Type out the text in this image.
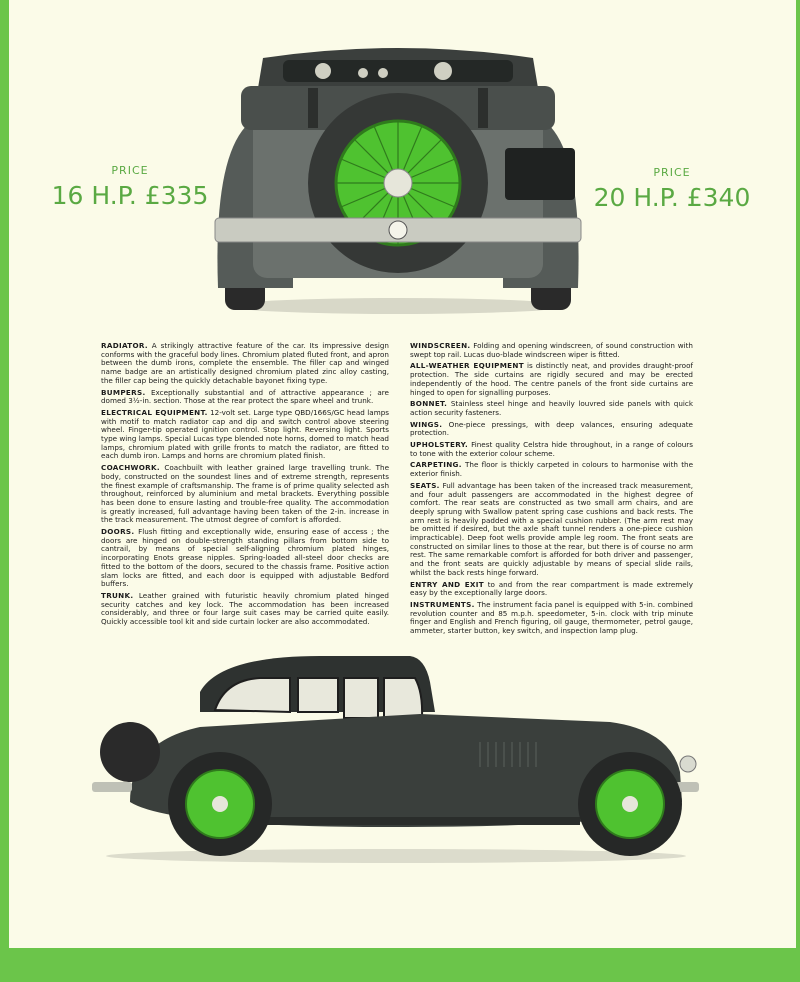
PRICE
16 H.P. £335
PRICE
20 H.P. £340

RADIATOR. A strikingly attractive feature of the car. Its impressive design conforms with the graceful body lines. Chromium plated fluted front, and apron between the dumb irons, complete the ensemble. The filler cap and winged name badge are an artistically designed chromium plated zinc alloy casting, the filler cap being the quickly detachable bayonet fixing type.

BUMPERS. Exceptionally substantial and of attractive appearance ; are domed 3½-in. section. Those at the rear protect the spare wheel and trunk.

ELECTRICAL EQUIPMENT. 12-volt set. Large type QBD/166S/GC head lamps with motif to match radiator cap and dip and switch control above steering wheel. Finger-tip operated ignition control. Stop light. Reversing light. Sports type wing lamps. Special Lucas type blended note horns, domed to match head lamps, chromium plated with grille fronts to match the radiator, are fitted to each dumb iron. Lamps and horns are chromium plated finish.

COACHWORK. Coachbuilt with leather grained large travelling trunk. The body, constructed on the soundest lines and of extreme strength, represents the finest example of craftsmanship. The frame is of prime quality selected ash throughout, reinforced by aluminium and metal brackets. Everything possible has been done to ensure lasting and trouble-free quality. The accommodation is greatly increased, full advantage having been taken of the 2-in. increase in the track measurement. The utmost degree of comfort is afforded.

DOORS. Flush fitting and exceptionally wide, ensuring ease of access ; the doors are hinged on double-strength standing pillars from bottom side to cantrail, by means of special self-aligning chromium plated hinges, incorporating Enots grease nipples. Spring-loaded all-steel door checks are fitted to the bottom of the doors, secured to the chassis frame. Positive action slam locks are fitted, and each door is equipped with adjustable Bedford buffers.

TRUNK. Leather grained with futuristic heavily chromium plated hinged security catches and key lock. The accommodation has been increased considerably, and three or four large suit cases may be carried quite easily. Quickly accessible tool kit and side curtain locker are also accommodated.

WINDSCREEN. Folding and opening windscreen, of sound construction with swept top rail. Lucas duo-blade windscreen wiper is fitted.

ALL-WEATHER EQUIPMENT is distinctly neat, and provides draught-proof protection. The side curtains are rigidly secured and may be erected independently of the hood. The centre panels of the front side curtains are hinged to open for signalling purposes.

BONNET. Stainless steel hinge and heavily louvred side panels with quick action security fasteners.

WINGS. One-piece pressings, with deep valances, ensuring adequate protection.

UPHOLSTERY. Finest quality Celstra hide throughout, in a range of colours to tone with the exterior colour scheme.

CARPETING. The floor is thickly carpeted in colours to harmonise with the exterior finish.

SEATS. Full advantage has been taken of the increased track measurement, and four adult passengers are accommodated in the highest degree of comfort. The rear seats are constructed as two small arm chairs, and are deeply sprung with Swallow patent spring case cushions and back rests. The arm rest is heavily padded with a special cushion rubber. (The arm rest may be omitted if desired, but the axle shaft tunnel renders a one-piece cushion impracticable). Deep foot wells provide ample leg room. The front seats are constructed on similar lines to those at the rear, but there is of course no arm rest. The same remarkable comfort is afforded for both driver and passenger, and the front seats are quickly adjustable by means of special slide rails, whilst the back rests hinge forward.

ENTRY AND EXIT to and from the rear compartment is made extremely easy by the exceptionally large doors.

INSTRUMENTS. The instrument facia panel is equipped with 5-in. combined revolution counter and 85 m.p.h. speedometer, 5-in. clock with trip minute finger and English and French figuring, oil gauge, thermometer, petrol gauge, ammeter, starter button, key switch, and inspection lamp plug.
